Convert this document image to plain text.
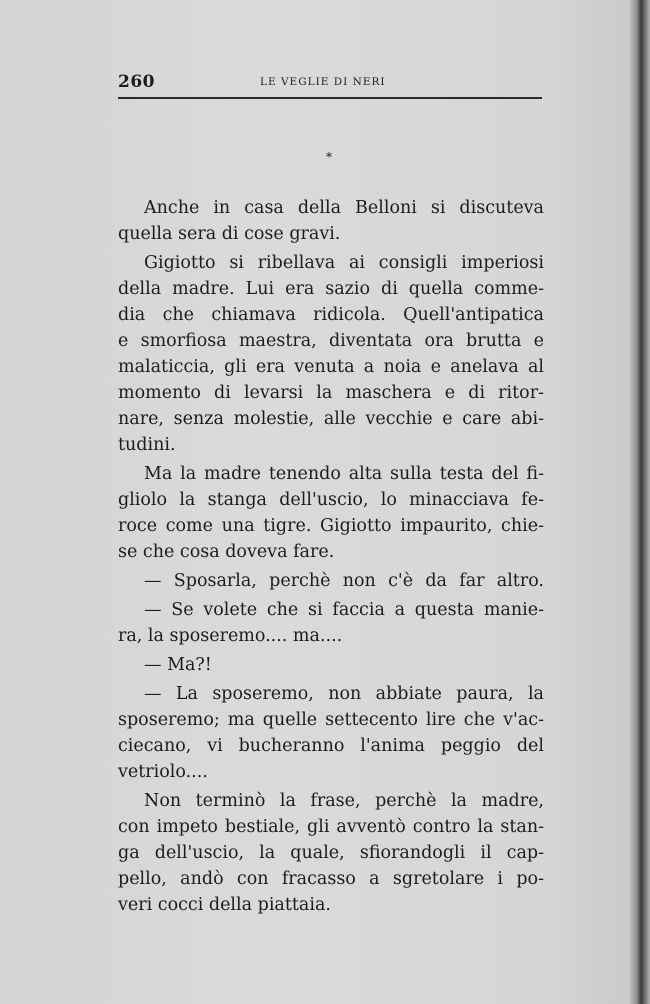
260	LE VEGLIE DI NERI
*
Anche in casa della Belloni si discuteva
quella sera di cose gravi.
Gigiotto si ribellava ai consigli imperiosi
della madre. Lui era sazio di quella comme-
dia che chiamava ridicola. Quell'antipatica
e smorfiosa maestra, diventata ora brutta e
malaticcia, gli era venuta a noia e anelava al
momento di levarsi la maschera e di ritor-
nare, senza molestie, alle vecchie e care abi-
tudini.
Ma la madre tenendo alta sulla testa del fi-
gliolo la stanga dell'uscio, lo minacciava fe-
roce come una tigre. Gigiotto impaurito, chie-
se che cosa doveva fare.
— Sposarla, perchè non c'è da far altro.
— Se volete che si faccia a questa manie-
ra, la sposeremo.... ma....
— Ma?!
— La sposeremo, non abbiate paura, la
sposeremo; ma quelle settecento lire che v'ac-
ciecano, vi bucheranno l'anima peggio del
vetriolo....
Non terminò la frase, perchè la madre,
con impeto bestiale, gli avventò contro la stan-
ga dell'uscio, la quale, sfiorandogli il cap-
pello, andò con fracasso a sgretolare i po-
veri cocci della piattaia.
